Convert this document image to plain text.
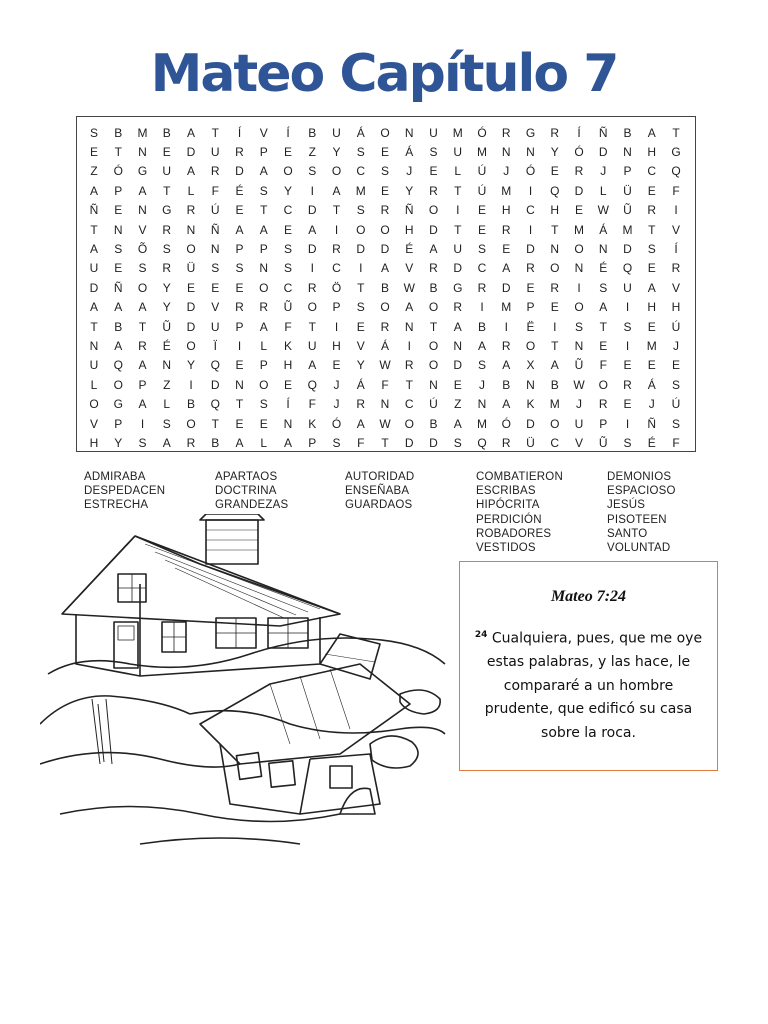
Mateo Capítulo 7
S	B	M	B	A	T	Í	V	Í	B	U	Á	O	N	U	M	Ó	R	G	R	Í	Ñ	B	A	T
E	T	N	E	D	U	R	P	E	Z	Y	S	E	Á	S	U	M	N	N	Y	Ó	D	N	H	G
Z	Ó	G	U	A	R	D	A	O	S	O	C	S	J	E	L	Ú	J	Ó	E	R	J	P	C	Q
A	P	A	T	L	F	É	S	Y	I	A	M	E	Y	R	T	Ú	M	I	Q	D	L	Ü	E	F
Ñ	E	N	G	R	Ú	E	T	C	D	T	S	R	Ñ	O	I	E	H	C	H	E	W	Ũ	R	I
T	N	V	R	N	Ñ	A	A	E	A	I	O	O	H	D	T	E	R	I	T	M	Á	M	T	V
A	S	Õ	S	O	N	P	P	S	D	R	D	D	É	A	U	S	E	D	N	O	N	D	S	Í
U	E	S	R	Ü	S	S	N	S	I	C	I	A	V	R	D	C	A	R	O	N	É	Q	E	R
D	Ñ	O	Y	E	E	E	O	C	R	Ö	T	B	W	B	G	R	D	E	R	I	S	U	A	V
A	A	A	Y	D	V	R	R	Ũ	O	P	S	O	A	O	R	I	M	P	E	O	A	I	H	H
T	B	T	Ũ	D	U	P	A	F	T	I	E	R	N	T	A	B	I	Ë	I	S	T	S	E	Ú
N	A	R	É	O	Ï	I	L	K	U	H	V	Á	I	O	N	A	R	O	T	N	E	I	M	J
U	Q	A	N	Y	Q	E	P	H	A	E	Y	W	R	O	D	S	A	X	A	Ũ	F	E	E	E
L	O	P	Z	I	D	N	O	E	Q	J	Á	F	T	N	E	J	B	N	B	W	O	R	Á	S
O	G	A	L	B	Q	T	S	Í	F	J	R	N	C	Ú	Z	N	A	K	M	J	R	E	J	Ú
V	P	I	S	O	T	E	E	N	K	Ó	A	W	O	B	A	M	Ó	D	O	U	P	I	Ñ	S
H	Y	S	A	R	B	A	L	A	P	S	F	T	D	D	S	Q	R	Ü	C	V	Ũ	S	É	F
ADMIRABA
DESPEDACEN
ESTRECHA
APARTAOS
DOCTRINA
GRANDEZAS
AUTORIDAD
ENSEÑABA
GUARDAOS
COMBATIERON
ESCRIBAS
HIPÓCRITA
PERDICIÓN
ROBADORES
VESTIDOS
DEMONIOS
ESPACIOSO
JESÚS
PISOTEEN
SANTO
VOLUNTAD
Mateo 7:24
$^{24}$ Cualquiera, pues, que me oye estas palabras, y las hace, le compararé a un hombre prudente, que edificó su casa sobre la roca.
